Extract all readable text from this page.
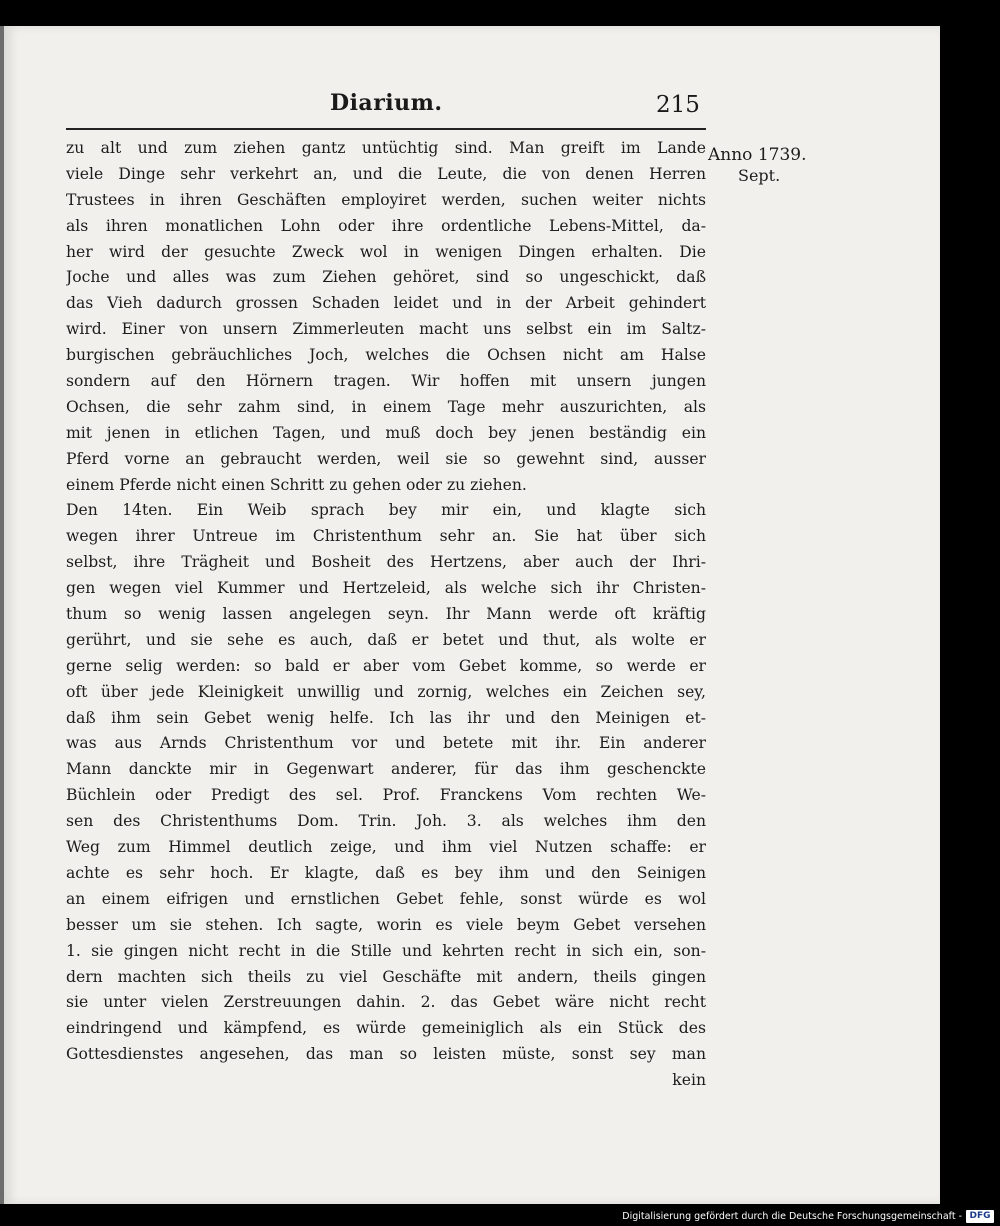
Diarium.	215
zu alt und zum ziehen gantz untüchtig sind. Man greift im Lande
viele Dinge sehr verkehrt an, und die Leute, die von denen Herren
Trustees in ihren Geschäften employiret werden, suchen weiter nichts
als ihren monatlichen Lohn oder ihre ordentliche Lebens-Mittel, da-
her wird der gesuchte Zweck wol in wenigen Dingen erhalten. Die
Joche und alles was zum Ziehen gehöret, sind so ungeschickt, daß
das Vieh dadurch grossen Schaden leidet und in der Arbeit gehindert
wird. Einer von unsern Zimmerleuten macht uns selbst ein im Saltz-
burgischen gebräuchliches Joch, welches die Ochsen nicht am Halse
sondern auf den Hörnern tragen. Wir hoffen mit unsern jungen
Ochsen, die sehr zahm sind, in einem Tage mehr auszurichten, als
mit jenen in etlichen Tagen, und muß doch bey jenen beständig ein
Pferd vorne an gebraucht werden, weil sie so gewehnt sind, ausser
einem Pferde nicht einen Schritt zu gehen oder zu ziehen.
Den 14ten. Ein Weib sprach bey mir ein, und klagte sich
wegen ihrer Untreue im Christenthum sehr an. Sie hat über sich
selbst, ihre Trägheit und Bosheit des Hertzens, aber auch der Ihri-
gen wegen viel Kummer und Hertzeleid, als welche sich ihr Christen-
thum so wenig lassen angelegen seyn. Ihr Mann werde oft kräftig
gerührt, und sie sehe es auch, daß er betet und thut, als wolte er
gerne selig werden: so bald er aber vom Gebet komme, so werde er
oft über jede Kleinigkeit unwillig und zornig, welches ein Zeichen sey,
daß ihm sein Gebet wenig helfe. Ich las ihr und den Meinigen et-
was aus Arnds Christenthum vor und betete mit ihr. Ein anderer
Mann danckte mir in Gegenwart anderer, für das ihm geschenckte
Büchlein oder Predigt des sel. Prof. Franckens Vom rechten We-
sen des Christenthums Dom. Trin. Joh. 3. als welches ihm den
Weg zum Himmel deutlich zeige, und ihm viel Nutzen schaffe: er
achte es sehr hoch. Er klagte, daß es bey ihm und den Seinigen
an einem eifrigen und ernstlichen Gebet fehle, sonst würde es wol
besser um sie stehen. Ich sagte, worin es viele beym Gebet versehen
1. sie gingen nicht recht in die Stille und kehrten recht in sich ein, son-
dern machten sich theils zu viel Geschäfte mit andern, theils gingen
sie unter vielen Zerstreuungen dahin. 2. das Gebet wäre nicht recht
eindringend und kämpfend, es würde gemeiniglich als ein Stück des
Gottesdienstes angesehen, das man so leisten müste, sonst sey man
kein
Anno 1739.
Sept.
Digitalisierung gefördert durch die Deutsche Forschungsgemeinschaft - DFG
